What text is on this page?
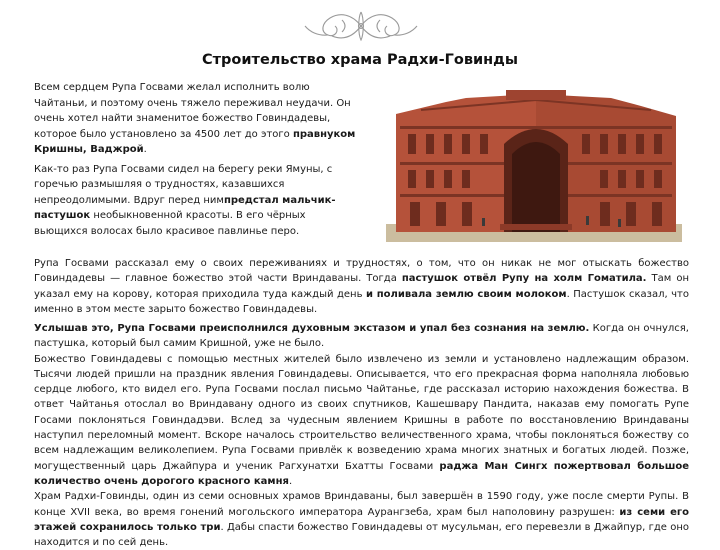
Строительство храма Радхи-Говинды

Всем сердцем Рупа Госвами желал исполнить волю Чайтаньи, и поэтому очень тяжело переживал неудачи. Он очень хотел найти знаменитое божество Говиндадевы, которое было установлено за 4500 лет до этого правнуком Кришны, Ваджрой.

Как-то раз Рупа Госвами сидел на берегу реки Ямуны, с горечью размышляя о трудностях, казавшихся непреодолимыми. Вдруг перед нимпредстал мальчик-пастушок необыкновенной красоты. В его чёрных вьющихся волосах было красивое павлинье перо.

Рупа Госвами рассказал ему о своих переживаниях и трудностях, о том, что он никак не мог отыскать божество Говиндадевы — главное божество этой части Вриндаваны. Тогда пастушок отвёл Рупу на холм Гоматила. Там он указал ему на корову, которая приходила туда каждый день и поливала землю своим молоком. Пастушок сказал, что именно в этом месте зарыто божество Говиндадевы.

Услышав это, Рупа Госвами преисполнился духовным экстазом и упал без сознания на землю. Когда он очнулся, пастушка, который был самим Кришной, уже не было.

Божество Говиндадевы с помощью местных жителей было извлечено из земли и установлено надлежащим образом. Тысячи людей пришли на праздник явления Говиндадевы. Описывается, что его прекрасная форма наполняла любовью сердце любого, кто видел его. Рупа Госвами послал письмо Чайтанье, где рассказал историю нахождения божества. В ответ Чайтанья отослал во Вриндавану одного из своих спутников, Кашешвару Пандита, наказав ему помогать Рупе Госами поклоняться Говиндадэви. Вслед за чудесным явлением Кришны в работе по восстановлению Вриндаваны наступил переломный момент. Вскоре началось строительство величественного храма, чтобы поклоняться божеству со всем надлежащим великолепием. Рупа Госвами привлёк к возведению храма многих знатных и богатых людей. Позже, могущественный царь Джайпура и ученик Рагхунатхи Бхатты Госвами раджа Ман Сингх пожертвовал большое количество очень дорогого красного камня.

Храм Радхи-Говинды, один из семи основных храмов Вриндаваны, был завершён в 1590 году, уже после смерти Рупы. В конце XVII века, во время гонений могольского императора Аурангзеба, храм был наполовину разрушен: из семи его этажей сохранилось только три. Дабы спасти божество Говиндадевы от мусульман, его перевезли в Джайпур, где оно находится и по сей день.
